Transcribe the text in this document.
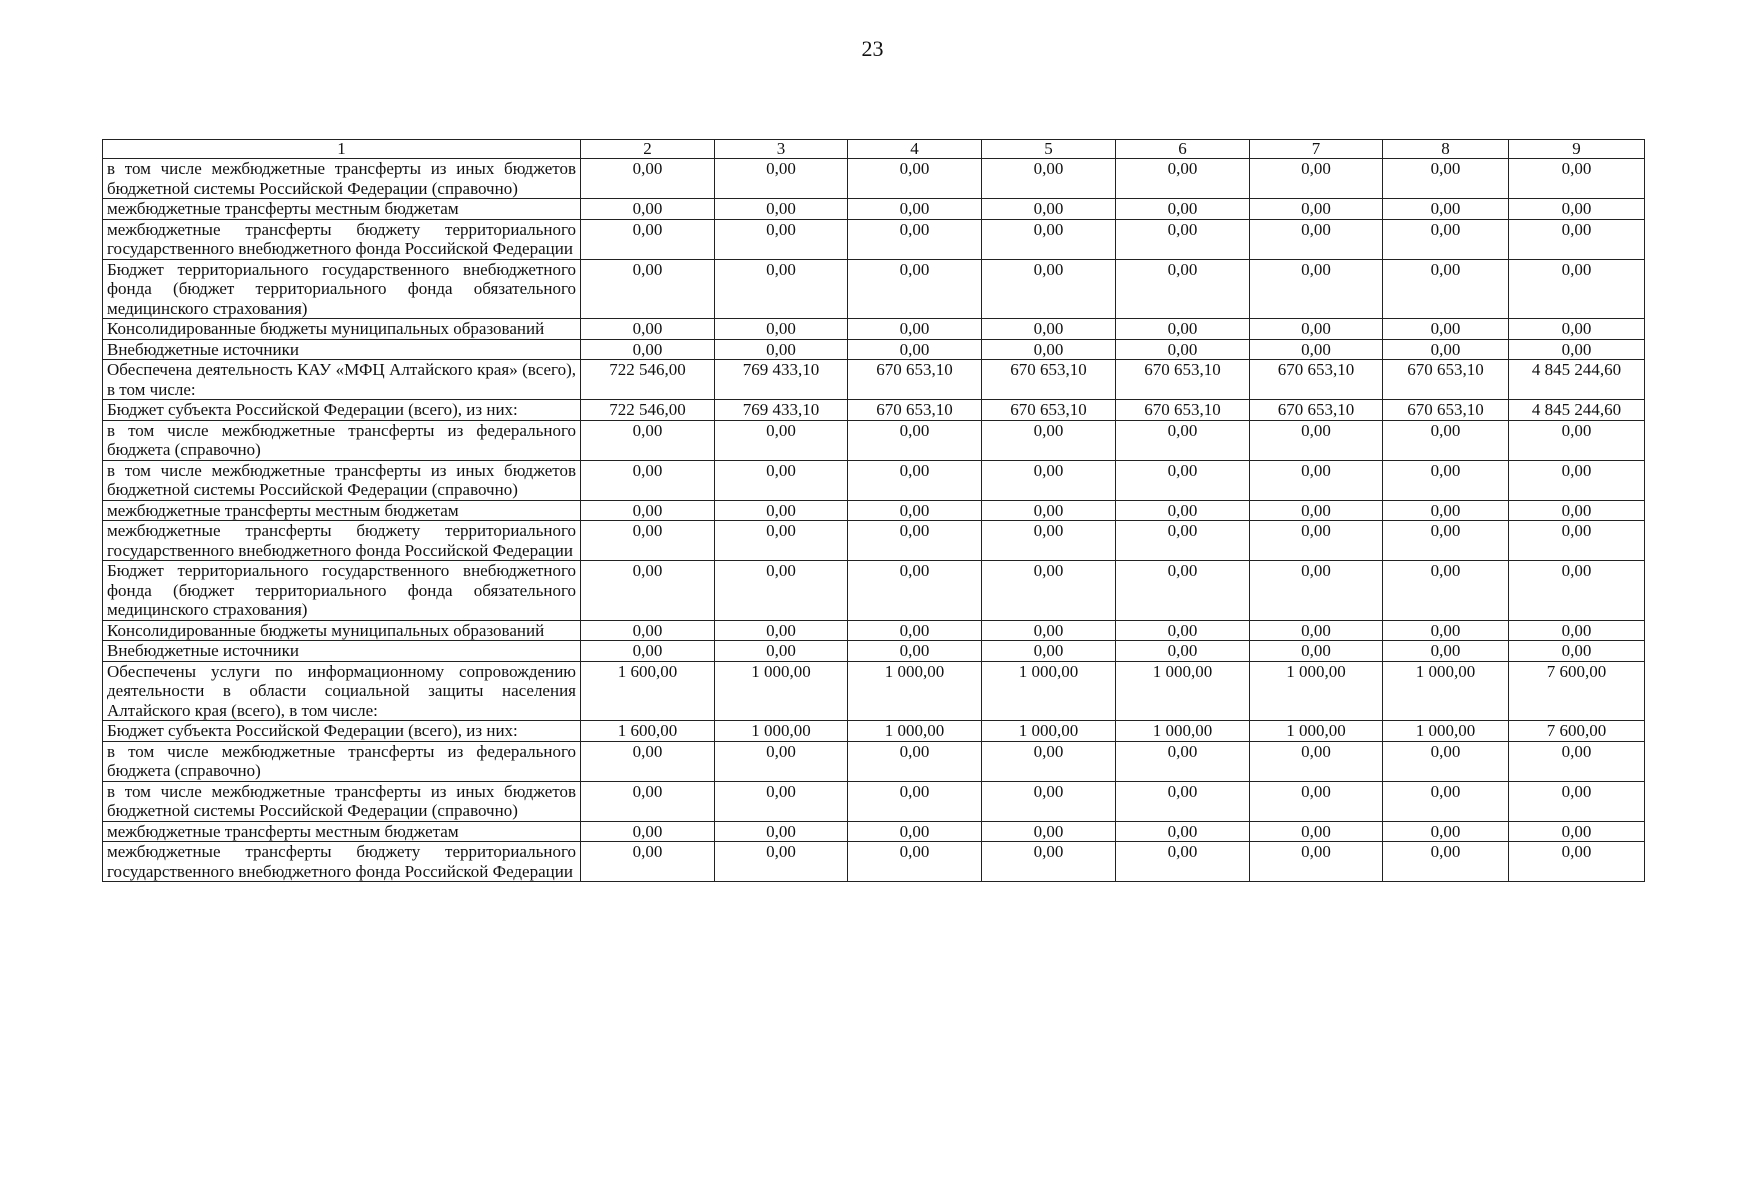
23
1	2	3	4	5	6	7	8	9
в том числе межбюджетные трансферты из иных бюджетов бюджетной системы Российской Федерации (справочно)	0,00	0,00	0,00	0,00	0,00	0,00	0,00	0,00
межбюджетные трансферты местным бюджетам	0,00	0,00	0,00	0,00	0,00	0,00	0,00	0,00
межбюджетные трансферты бюджету территориального государственного внебюджетного фонда Российской Федерации	0,00	0,00	0,00	0,00	0,00	0,00	0,00	0,00
Бюджет территориального государственного внебюджетного фонда (бюджет территориального фонда обязательного медицинского страхования)	0,00	0,00	0,00	0,00	0,00	0,00	0,00	0,00
Консолидированные бюджеты муниципальных образований	0,00	0,00	0,00	0,00	0,00	0,00	0,00	0,00
Внебюджетные источники	0,00	0,00	0,00	0,00	0,00	0,00	0,00	0,00
Обеспечена деятельность КАУ «МФЦ Алтайского края» (всего), в том числе:	722 546,00	769 433,10	670 653,10	670 653,10	670 653,10	670 653,10	670 653,10	4 845 244,60
Бюджет субъекта Российской Федерации (всего), из них:	722 546,00	769 433,10	670 653,10	670 653,10	670 653,10	670 653,10	670 653,10	4 845 244,60
в том числе межбюджетные трансферты из федерального бюджета (справочно)	0,00	0,00	0,00	0,00	0,00	0,00	0,00	0,00
в том числе межбюджетные трансферты из иных бюджетов бюджетной системы Российской Федерации (справочно)	0,00	0,00	0,00	0,00	0,00	0,00	0,00	0,00
межбюджетные трансферты местным бюджетам	0,00	0,00	0,00	0,00	0,00	0,00	0,00	0,00
межбюджетные трансферты бюджету территориального государственного внебюджетного фонда Российской Федерации	0,00	0,00	0,00	0,00	0,00	0,00	0,00	0,00
Бюджет территориального государственного внебюджетного фонда (бюджет территориального фонда обязательного медицинского страхования)	0,00	0,00	0,00	0,00	0,00	0,00	0,00	0,00
Консолидированные бюджеты муниципальных образований	0,00	0,00	0,00	0,00	0,00	0,00	0,00	0,00
Внебюджетные источники	0,00	0,00	0,00	0,00	0,00	0,00	0,00	0,00
Обеспечены услуги по информационному сопровождению деятельности в области социальной защиты населения Алтайского края (всего), в том числе:	1 600,00	1 000,00	1 000,00	1 000,00	1 000,00	1 000,00	1 000,00	7 600,00
Бюджет субъекта Российской Федерации (всего), из них:	1 600,00	1 000,00	1 000,00	1 000,00	1 000,00	1 000,00	1 000,00	7 600,00
в том числе межбюджетные трансферты из федерального бюджета (справочно)	0,00	0,00	0,00	0,00	0,00	0,00	0,00	0,00
в том числе межбюджетные трансферты из иных бюджетов бюджетной системы Российской Федерации (справочно)	0,00	0,00	0,00	0,00	0,00	0,00	0,00	0,00
межбюджетные трансферты местным бюджетам	0,00	0,00	0,00	0,00	0,00	0,00	0,00	0,00
межбюджетные трансферты бюджету территориального государственного внебюджетного фонда Российской Федерации	0,00	0,00	0,00	0,00	0,00	0,00	0,00	0,00
